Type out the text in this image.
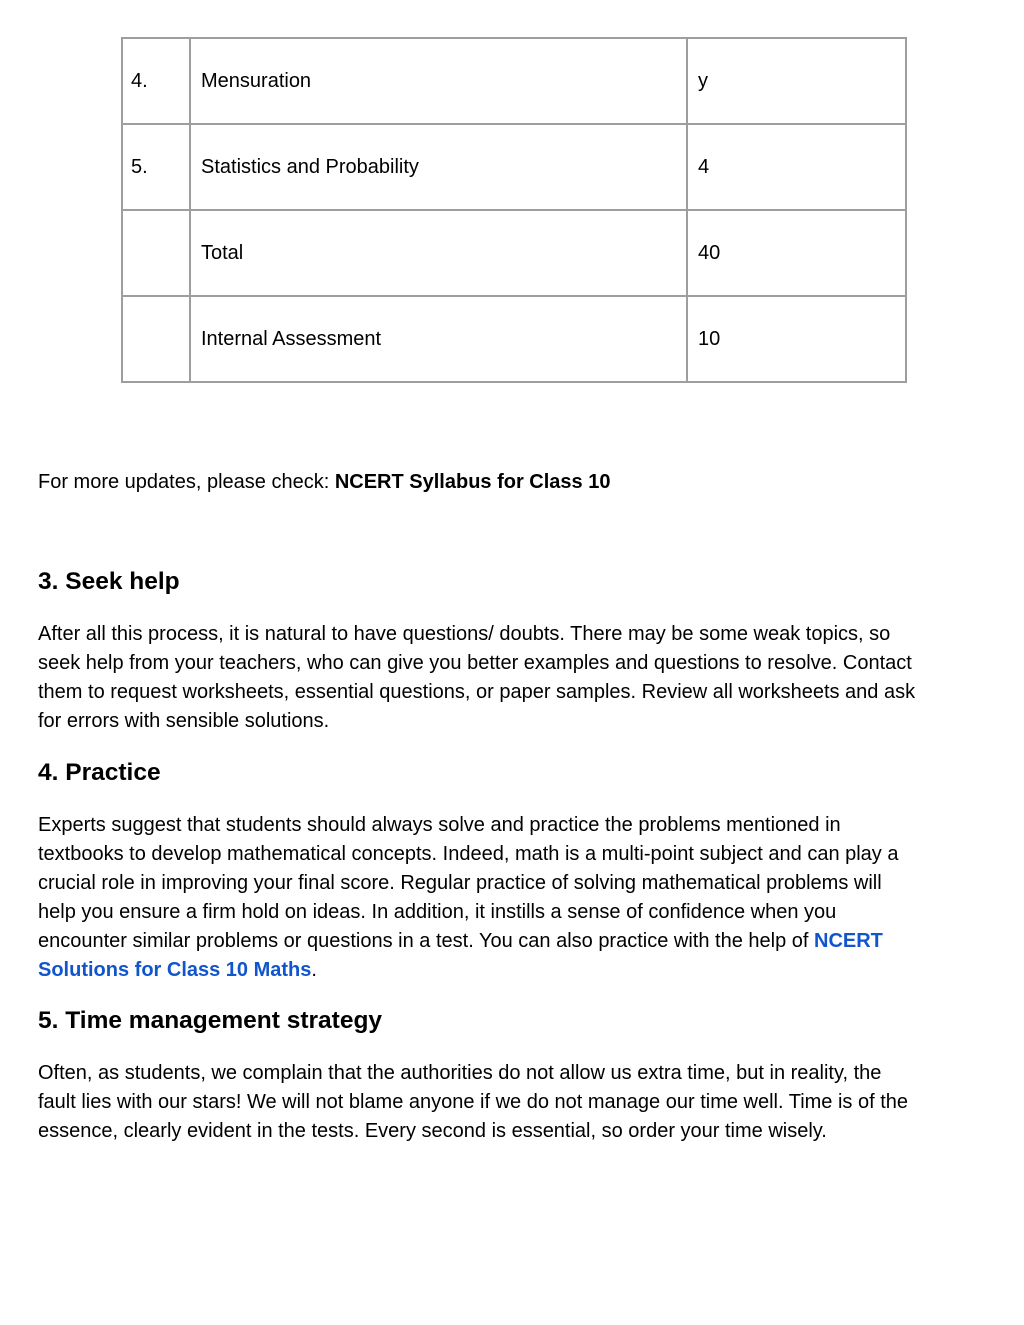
4.	Mensuration	y
5.	Statistics and Probability	4
	Total	40
	Internal Assessment	10

For more updates, please check: NCERT Syllabus for Class 10

3. Seek help

After all this process, it is natural to have questions/ doubts. There may be some weak topics, so seek help from your teachers, who can give you better examples and questions to resolve. Contact them to request worksheets, essential questions, or paper samples. Review all worksheets and ask for errors with sensible solutions.

4. Practice

Experts suggest that students should always solve and practice the problems mentioned in textbooks to develop mathematical concepts. Indeed, math is a multi-point subject and can play a crucial role in improving your final score. Regular practice of solving mathematical problems will help you ensure a firm hold on ideas. In addition, it instills a sense of confidence when you encounter similar problems or questions in a test. You can also practice with the help of NCERT Solutions for Class 10 Maths.

5. Time management strategy

Often, as students, we complain that the authorities do not allow us extra time, but in reality, the fault lies with our stars! We will not blame anyone if we do not manage our time well. Time is of the essence, clearly evident in the tests. Every second is essential, so order your time wisely.
